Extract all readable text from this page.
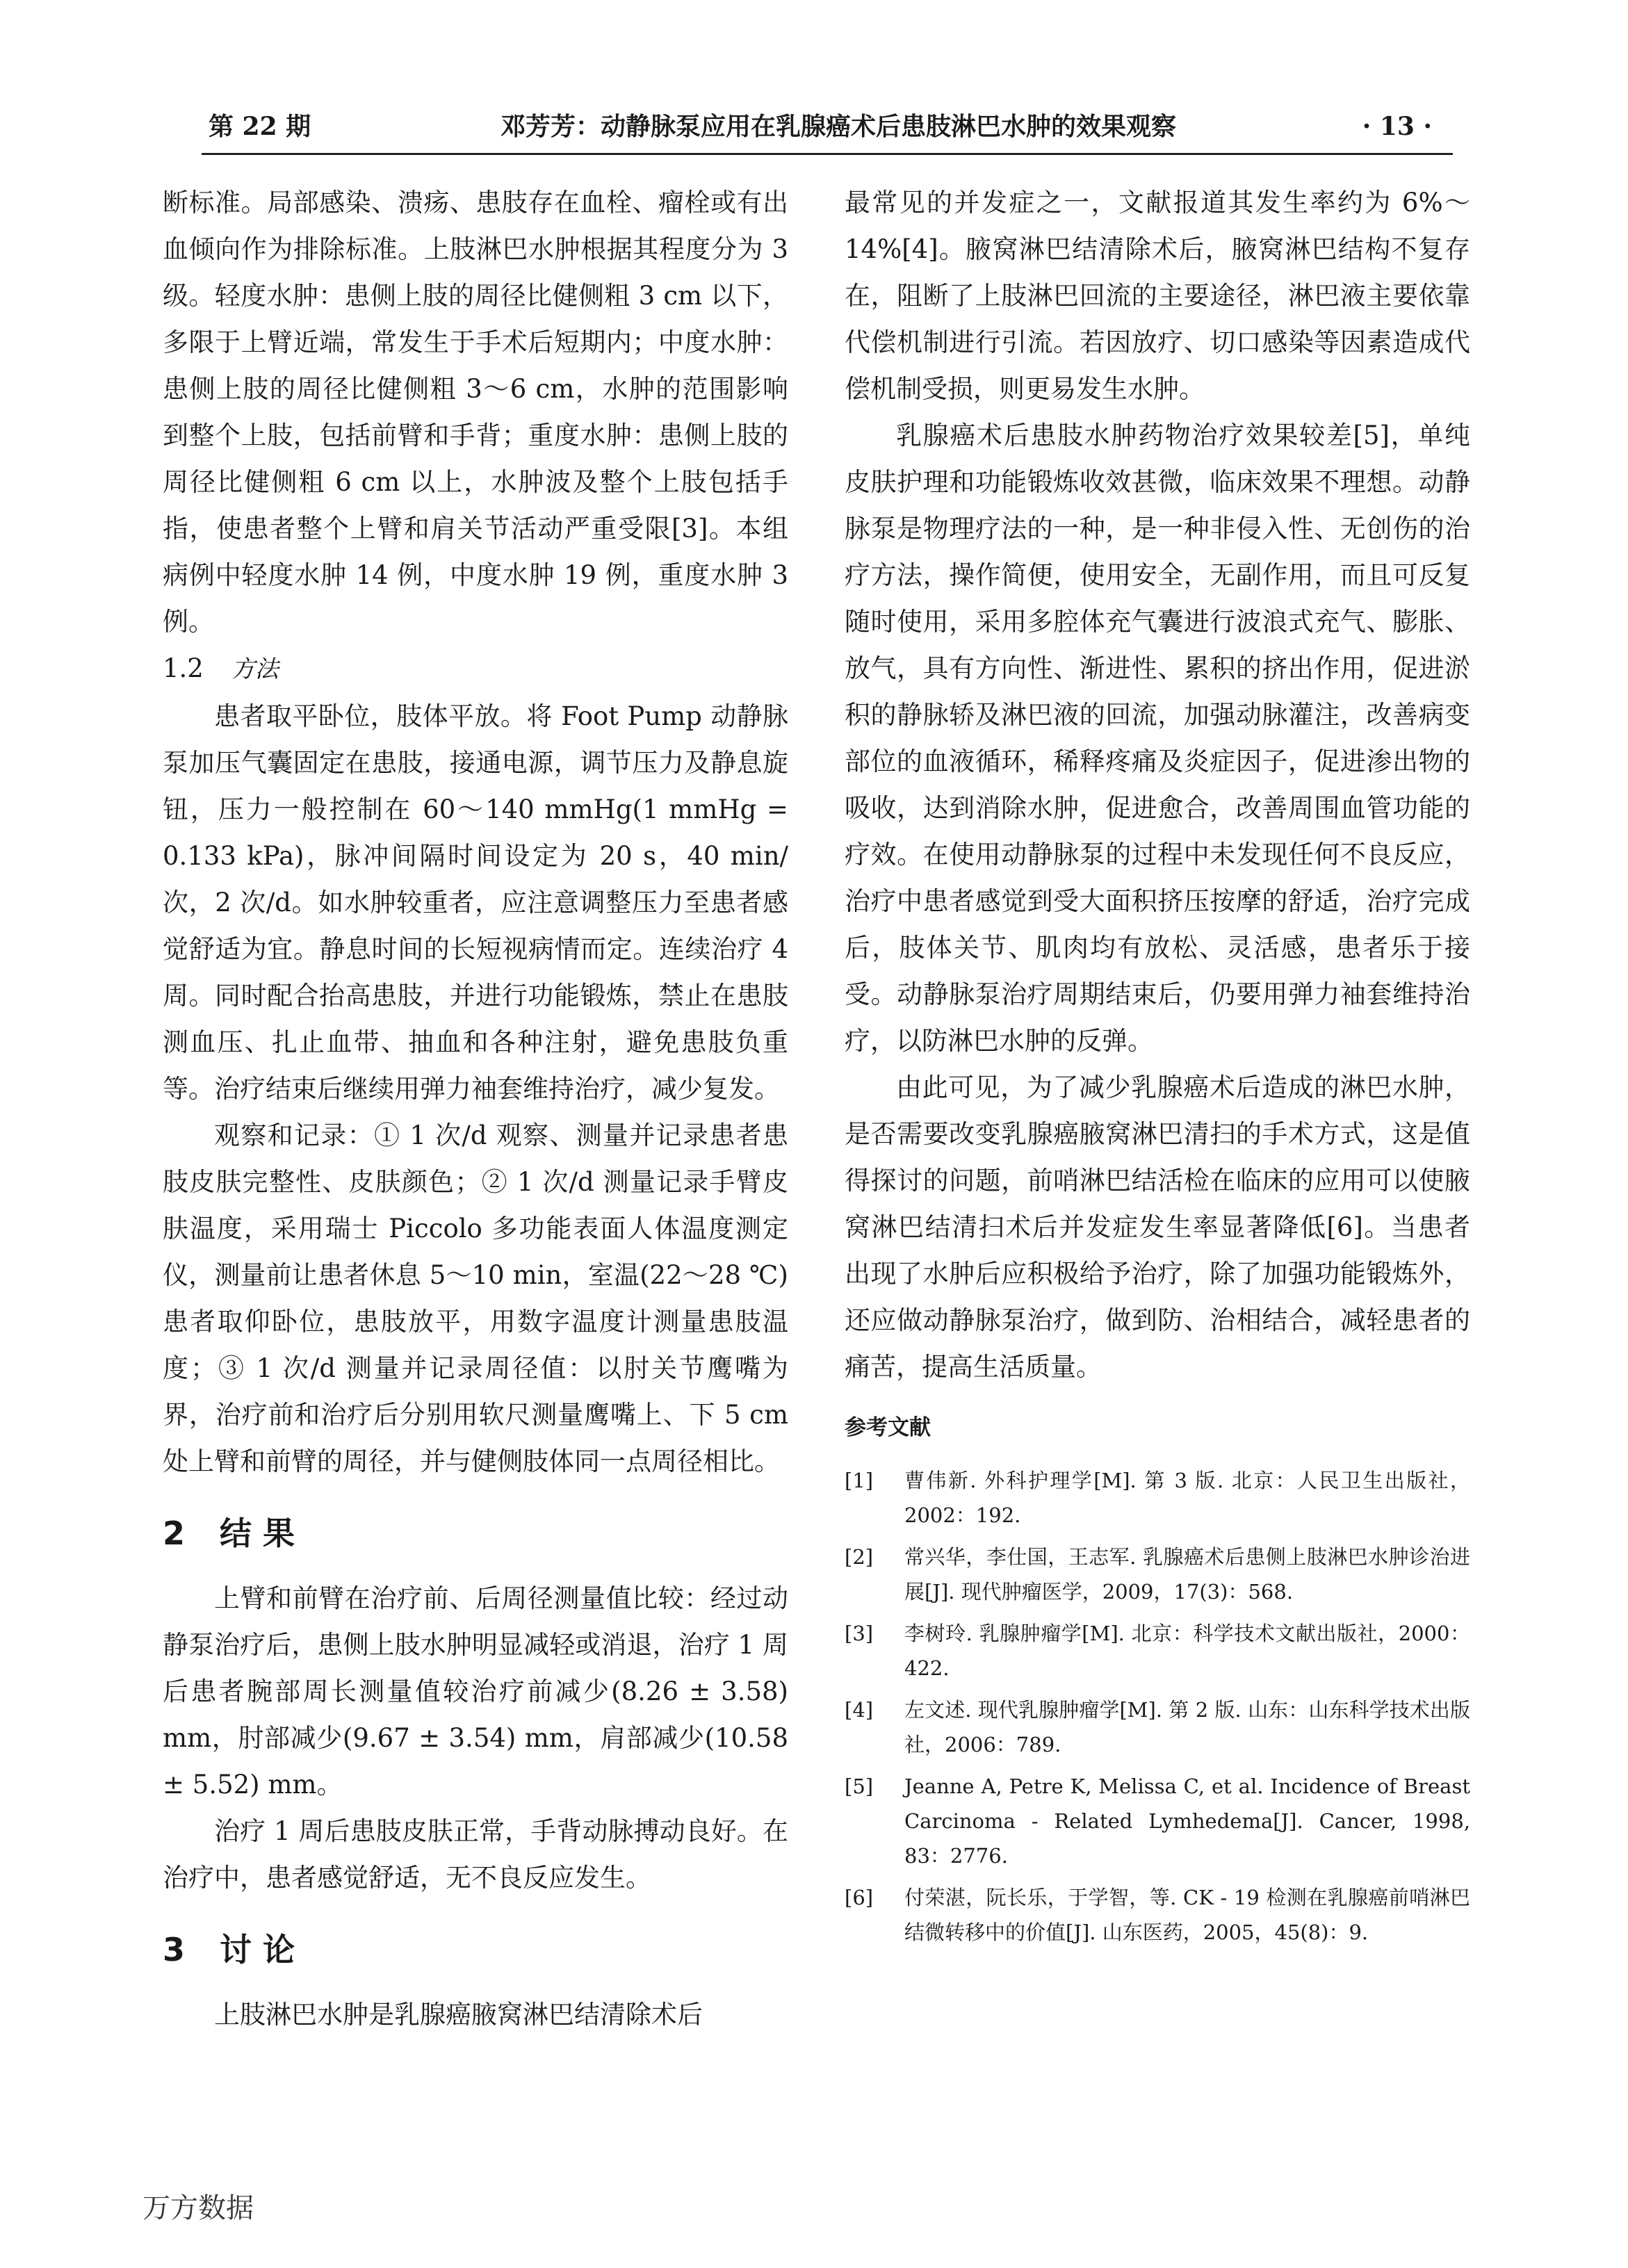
第 22 期	邓芳芳：动静脉泵应用在乳腺癌术后患肢淋巴水肿的效果观察	· 13 ·

断标准。局部感染、溃疡、患肢存在血栓、瘤栓或有出血倾向作为排除标准。上肢淋巴水肿根据其程度分为 3 级。轻度水肿：患侧上肢的周径比健侧粗 3 cm 以下，多限于上臂近端，常发生于手术后短期内；中度水肿：患侧上肢的周径比健侧粗 3～6 cm，水肿的范围影响到整个上肢，包括前臂和手背；重度水肿：患侧上肢的周径比健侧粗 6 cm 以上，水肿波及整个上肢包括手指，使患者整个上臂和肩关节活动严重受限[3]。本组病例中轻度水肿 14 例，中度水肿 19 例，重度水肿 3 例。

1.2 方法

患者取平卧位，肢体平放。将 Foot Pump 动静脉泵加压气囊固定在患肢，接通电源，调节压力及静息旋钮，压力一般控制在 60～140 mmHg(1 mmHg = 0.133 kPa)，脉冲间隔时间设定为 20 s，40 min/次，2 次/d。如水肿较重者，应注意调整压力至患者感觉舒适为宜。静息时间的长短视病情而定。连续治疗 4 周。同时配合抬高患肢，并进行功能锻炼，禁止在患肢测血压、扎止血带、抽血和各种注射，避免患肢负重等。治疗结束后继续用弹力袖套维持治疗，减少复发。

观察和记录：① 1 次/d 观察、测量并记录患者患肢皮肤完整性、皮肤颜色；② 1 次/d 测量记录手臂皮肤温度，采用瑞士 Piccolo 多功能表面人体温度测定仪，测量前让患者休息 5～10 min，室温(22～28 ℃)患者取仰卧位，患肢放平，用数字温度计测量患肢温度；③ 1 次/d 测量并记录周径值：以肘关节鹰嘴为界，治疗前和治疗后分别用软尺测量鹰嘴上、下 5 cm 处上臂和前臂的周径，并与健侧肢体同一点周径相比。

2 结 果

上臂和前臂在治疗前、后周径测量值比较：经过动静泵治疗后，患侧上肢水肿明显减轻或消退，治疗 1 周后患者腕部周长测量值较治疗前减少(8.26 ± 3.58) mm，肘部减少(9.67 ± 3.54) mm，肩部减少(10.58 ± 5.52) mm。

治疗 1 周后患肢皮肤正常，手背动脉搏动良好。在治疗中，患者感觉舒适，无不良反应发生。

3 讨 论

上肢淋巴水肿是乳腺癌腋窝淋巴结清除术后

最常见的并发症之一，文献报道其发生率约为 6%～14%[4]。腋窝淋巴结清除术后，腋窝淋巴结构不复存在，阻断了上肢淋巴回流的主要途径，淋巴液主要依靠代偿机制进行引流。若因放疗、切口感染等因素造成代偿机制受损，则更易发生水肿。

乳腺癌术后患肢水肿药物治疗效果较差[5]，单纯皮肤护理和功能锻炼收效甚微，临床效果不理想。动静脉泵是物理疗法的一种，是一种非侵入性、无创伤的治疗方法，操作简便，使用安全，无副作用，而且可反复随时使用，采用多腔体充气囊进行波浪式充气、膨胀、放气，具有方向性、渐进性、累积的挤出作用，促进淤积的静脉轿及淋巴液的回流，加强动脉灌注，改善病变部位的血液循环，稀释疼痛及炎症因子，促进渗出物的吸收，达到消除水肿，促进愈合，改善周围血管功能的疗效。在使用动静脉泵的过程中未发现任何不良反应，治疗中患者感觉到受大面积挤压按摩的舒适，治疗完成后，肢体关节、肌肉均有放松、灵活感，患者乐于接受。动静脉泵治疗周期结束后，仍要用弹力袖套维持治疗，以防淋巴水肿的反弹。

由此可见，为了减少乳腺癌术后造成的淋巴水肿，是否需要改变乳腺癌腋窝淋巴清扫的手术方式，这是值得探讨的问题，前哨淋巴结活检在临床的应用可以使腋窝淋巴结清扫术后并发症发生率显著降低[6]。当患者出现了水肿后应积极给予治疗，除了加强功能锻炼外，还应做动静脉泵治疗，做到防、治相结合，减轻患者的痛苦，提高生活质量。

参考文献
[1] 曹伟新. 外科护理学[M]. 第 3 版. 北京：人民卫生出版社，2002：192.
[2] 常兴华，李仕国，王志军. 乳腺癌术后患侧上肢淋巴水肿诊治进展[J]. 现代肿瘤医学，2009，17(3)：568.
[3] 李树玲. 乳腺肿瘤学[M]. 北京：科学技术文献出版社，2000：422.
[4] 左文述. 现代乳腺肿瘤学[M]. 第 2 版. 山东：山东科学技术出版社，2006：789.
[5] Jeanne A, Petre K, Melissa C, et al. Incidence of Breast Carcinoma - Related Lymhedema[J]. Cancer, 1998, 83：2776.
[6] 付荣湛，阮长乐，于学智，等. CK - 19 检测在乳腺癌前哨淋巴结微转移中的价值[J]. 山东医药，2005，45(8)：9.
万方数据
